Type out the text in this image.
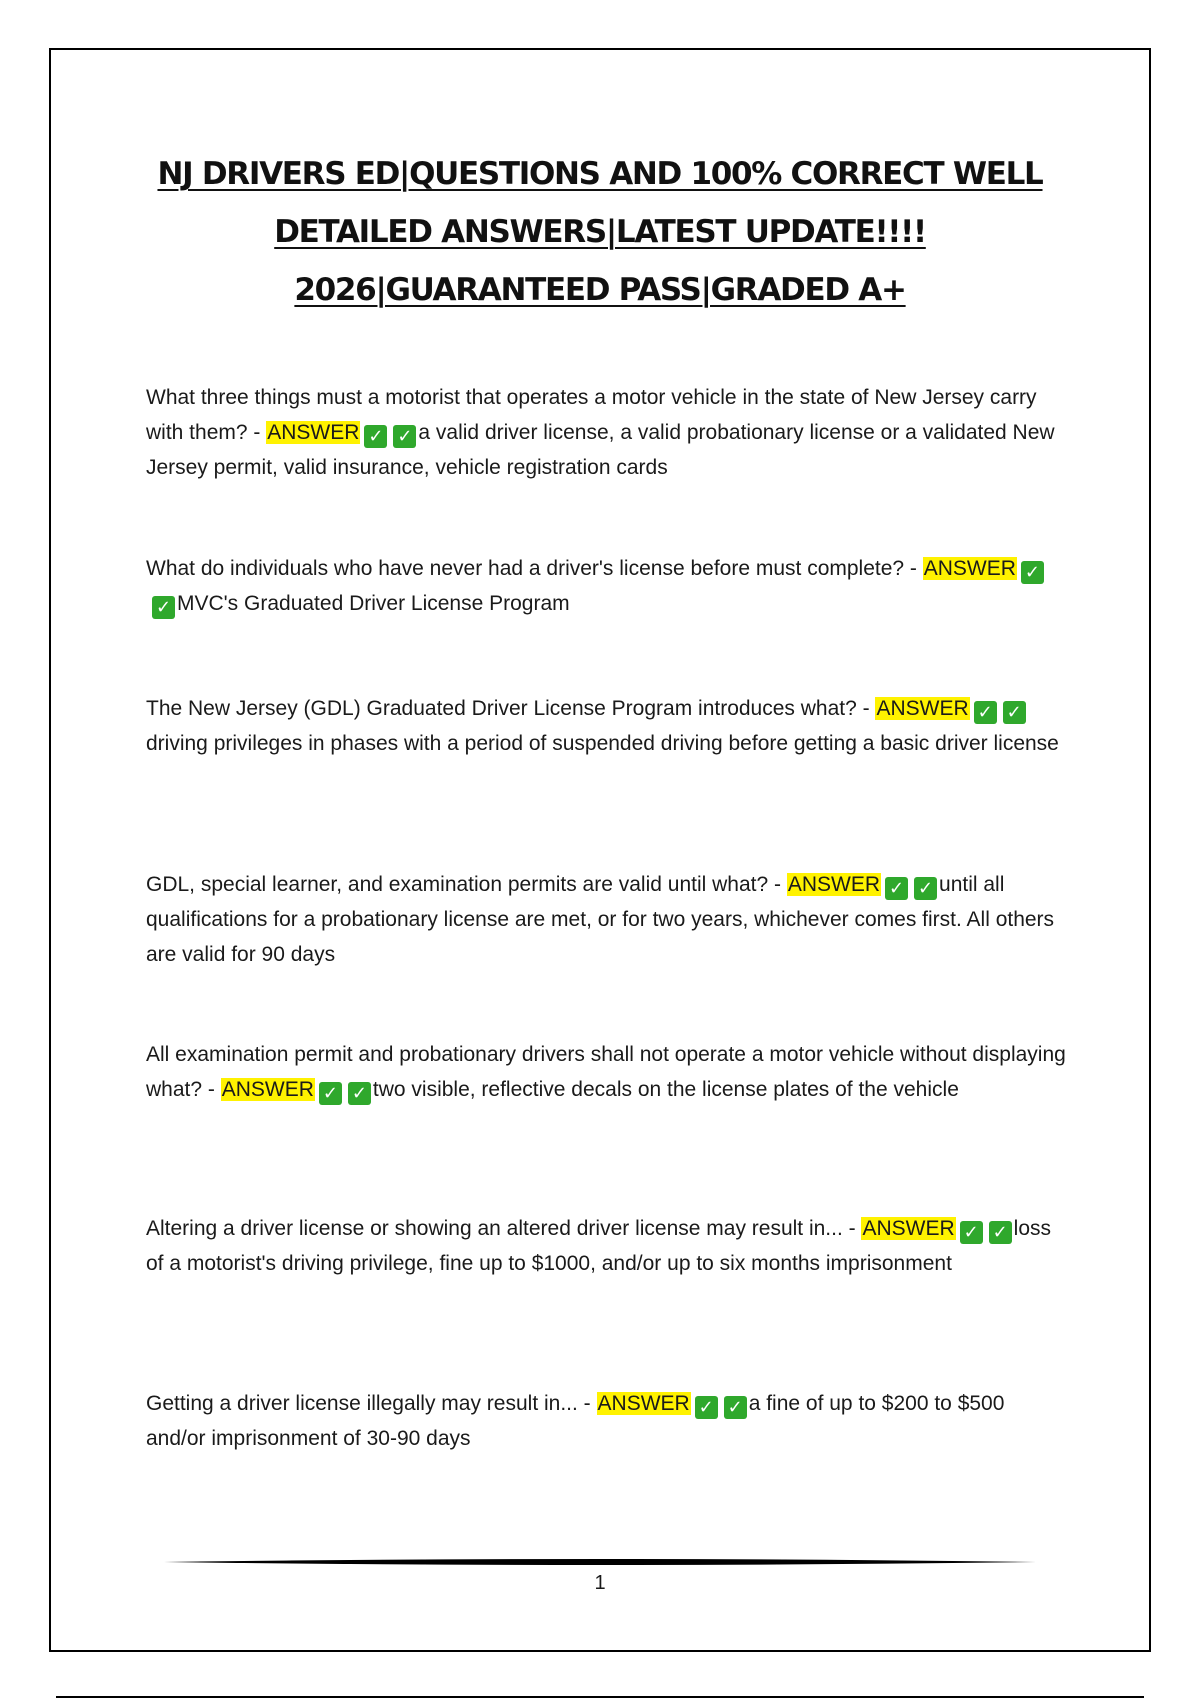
NJ DRIVERS ED|QUESTIONS AND 100% CORRECT WELL
DETAILED ANSWERS|LATEST UPDATE!!!!
2026|GUARANTEED PASS|GRADED A+
What three things must a motorist that operates a motor vehicle in the state of New Jersey carry with them? - ANSWER ✓ ✓ a valid driver license, a valid probationary license or a validated New Jersey permit, valid insurance, vehicle registration cards
What do individuals who have never had a driver's license before must complete? - ANSWER ✓✓ MVC's Graduated Driver License Program
The New Jersey (GDL) Graduated Driver License Program introduces what? - ANSWER ✓ ✓driving privileges in phases with a period of suspended driving before getting a basic driver license
GDL, special learner, and examination permits are valid until what? - ANSWER ✓ ✓ until all qualifications for a probationary license are met, or for two years, whichever comes first. All others are valid for 90 days
All examination permit and probationary drivers shall not operate a motor vehicle without displaying what? - ANSWER ✓ ✓ two visible, reflective decals on the license plates of the vehicle
Altering a driver license or showing an altered driver license may result in... - ANSWER ✓ ✓ loss of a motorist's driving privilege, fine up to $1000, and/or up to six months imprisonment
Getting a driver license illegally may result in... - ANSWER ✓ ✓ a fine of up to $200 to $500 and/or imprisonment of 30-90 days
1
